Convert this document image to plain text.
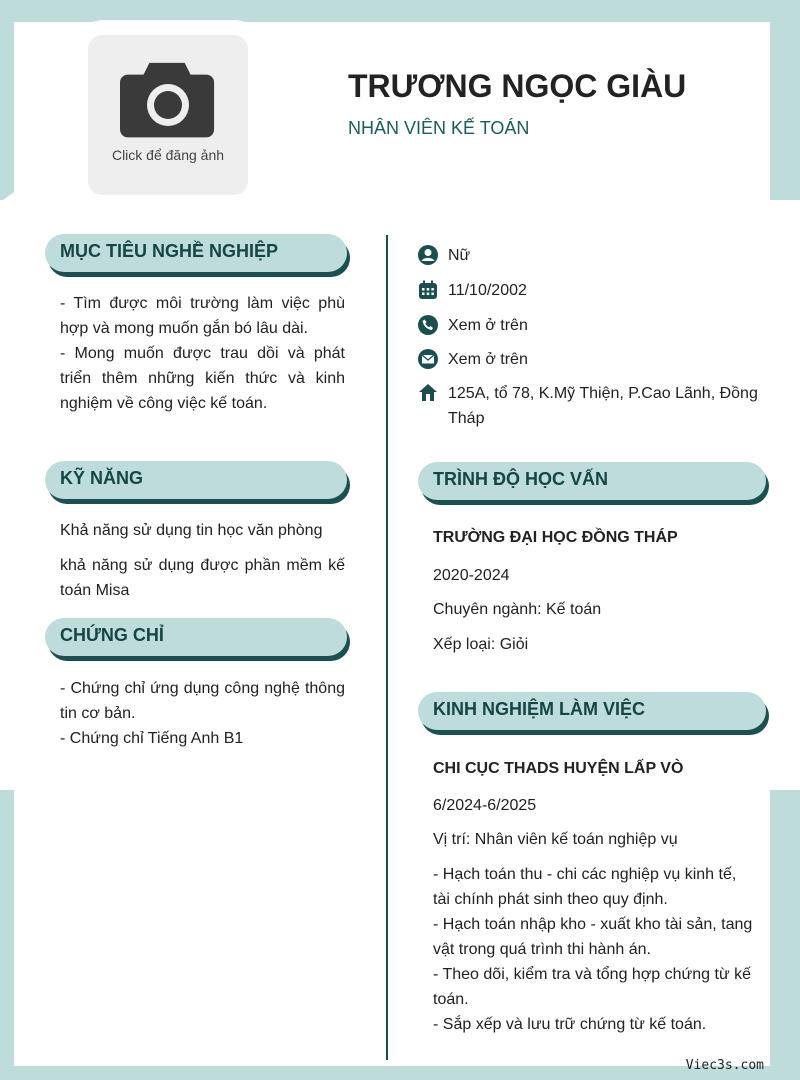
Click để đăng ảnh
TRƯƠNG NGỌC GIÀU
NHÂN VIÊN KẾ TOÁN
MỤC TIÊU NGHỀ NGHIỆP
- Tìm được môi trường làm việc phù hợp và mong muốn gắn bó lâu dài.
- Mong muốn được trau dồi và phát triển thêm những kiến thức và kinh nghiệm về công việc kế toán.
KỸ NĂNG
Khả năng sử dụng tin học văn phòng
khả năng sử dụng được phần mềm kế toán Misa
CHỨNG CHỈ
- Chứng chỉ ứng dụng công nghệ thông tin cơ bản.
- Chứng chỉ Tiếng Anh B1
Nữ
11/10/2002
Xem ở trên
Xem ở trên
125A, tổ 78, K.Mỹ Thiện, P.Cao Lãnh, Đồng Tháp
TRÌNH ĐỘ HỌC VẤN
TRƯỜNG ĐẠI HỌC ĐỒNG THÁP
2020-2024
Chuyên ngành: Kế toán
Xếp loại: Giỏi
KINH NGHIỆM LÀM VIỆC
CHI CỤC THADS HUYỆN LẤP VÒ
6/2024-6/2025
Vị trí: Nhân viên kế toán nghiệp vụ
- Hạch toán thu - chi các nghiệp vụ kinh tế, tài chính phát sinh theo quy định.
- Hạch toán nhập kho - xuất kho tài sản, tang vật trong quá trình thi hành án.
- Theo dõi, kiểm tra và tổng hợp chứng từ kế toán.
- Sắp xếp và lưu trữ chứng từ kế toán.
Viec3s.com
